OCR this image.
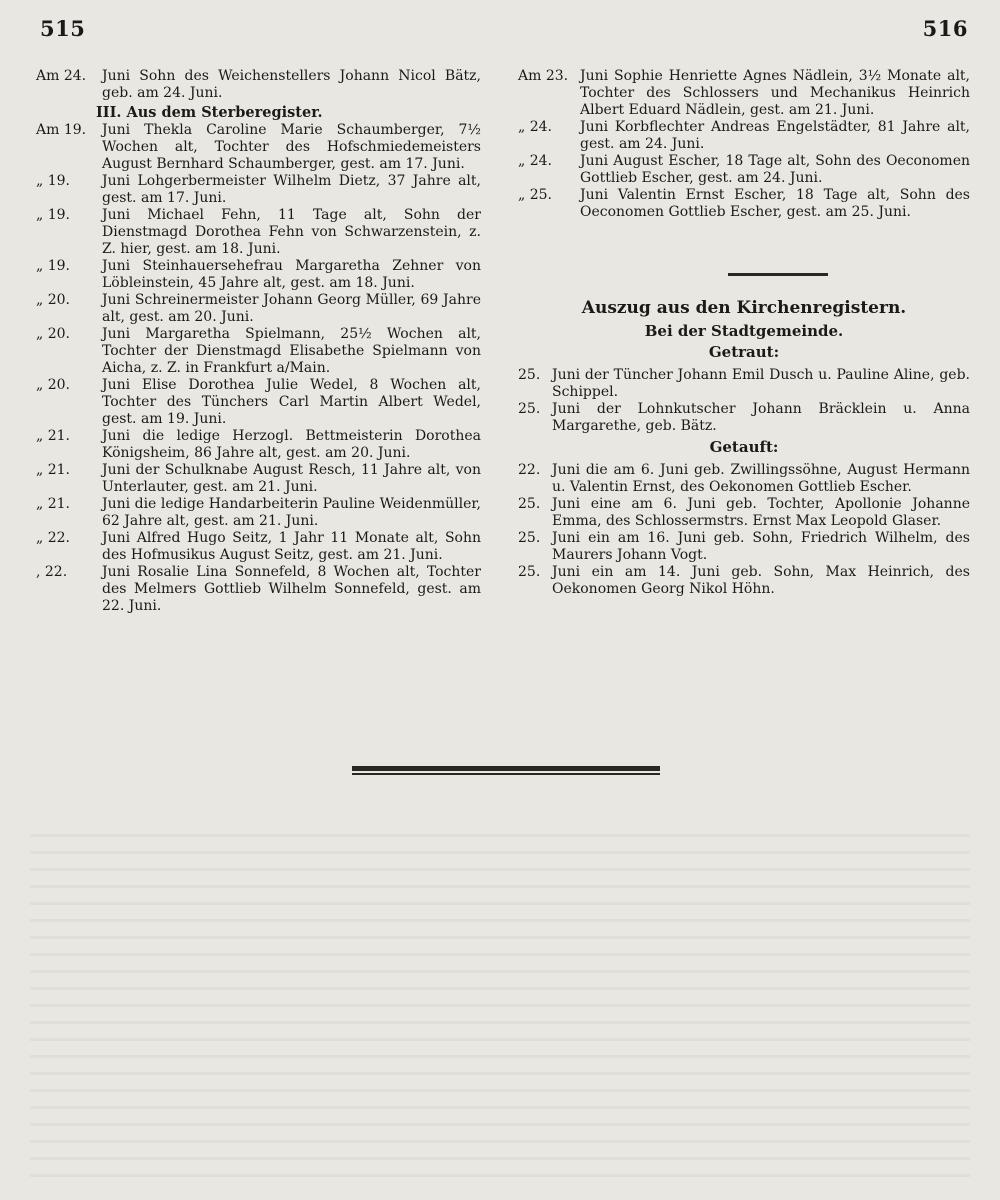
515	516
Am 24.	Juni Sohn des Weichenstellers Johann Nicol Bätz, geb. am 24. Juni.
III. Aus dem Sterberegister.
Am 19.	Juni Thekla Caroline Marie Schaumberger, 7½ Wochen alt, Tochter des Hofschmiedemeisters August Bernhard Schaumberger, gest. am 17. Juni.
„ 19.	Juni Lohgerbermeister Wilhelm Dietz, 37 Jahre alt, gest. am 17. Juni.
„ 19.	Juni Michael Fehn, 11 Tage alt, Sohn der Dienstmagd Dorothea Fehn von Schwarzenstein, z. Z. hier, gest. am 18. Juni.
„ 19.	Juni Steinhauersehefrau Margaretha Zehner von Löbleinstein, 45 Jahre alt, gest. am 18. Juni.
„ 20.	Juni Schreinermeister Johann Georg Müller, 69 Jahre alt, gest. am 20. Juni.
„ 20.	Juni Margaretha Spielmann, 25½ Wochen alt, Tochter der Dienstmagd Elisabethe Spielmann von Aicha, z. Z. in Frankfurt a/Main.
„ 20.	Juni Elise Dorothea Julie Wedel, 8 Wochen alt, Tochter des Tünchers Carl Martin Albert Wedel, gest. am 19. Juni.
„ 21.	Juni die ledige Herzogl. Bettmeisterin Dorothea Königsheim, 86 Jahre alt, gest. am 20. Juni.
„ 21.	Juni der Schulknabe August Resch, 11 Jahre alt, von Unterlauter, gest. am 21. Juni.
„ 21.	Juni die ledige Handarbeiterin Pauline Weidenmüller, 62 Jahre alt, gest. am 21. Juni.
„ 22.	Juni Alfred Hugo Seitz, 1 Jahr 11 Monate alt, Sohn des Hofmusikus August Seitz, gest. am 21. Juni.
, 22.	Juni Rosalie Lina Sonnefeld, 8 Wochen alt, Tochter des Melmers Gottlieb Wilhelm Sonnefeld, gest. am 22. Juni.
Am 23. Juni Sophie Henriette Agnes Nädlein, 3½ Monate alt, Tochter des Schlossers und Mechanikus Heinrich Albert Eduard Nädlein, gest. am 21. Juni.
„ 24.	Juni Korbflechter Andreas Engelstädter, 81 Jahre alt, gest. am 24. Juni.
„ 24.	Juni August Escher, 18 Tage alt, Sohn des Oeconomen Gottlieb Escher, gest. am 24. Juni.
„ 25.	Juni Valentin Ernst Escher, 18 Tage alt, Sohn des Oeconomen Gottlieb Escher, gest. am 25. Juni.
Auszug aus den Kirchenregistern.
Bei der Stadtgemeinde.
Getraut:
25. Juni der Tüncher Johann Emil Dusch u. Pauline Aline, geb. Schippel.
25. Juni der Lohnkutscher Johann Bräcklein u. Anna Margarethe, geb. Bätz.
Getauft:
22. Juni die am 6. Juni geb. Zwillingssöhne, August Hermann u. Valentin Ernst, des Oekonomen Gottlieb Escher.
25. Juni eine am 6. Juni geb. Tochter, Apollonie Johanne Emma, des Schlossermstrs. Ernst Max Leopold Glaser.
25. Juni ein am 16. Juni geb. Sohn, Friedrich Wilhelm, des Maurers Johann Vogt.
25. Juni ein am 14. Juni geb. Sohn, Max Heinrich, des Oekonomen Georg Nikol Höhn.
